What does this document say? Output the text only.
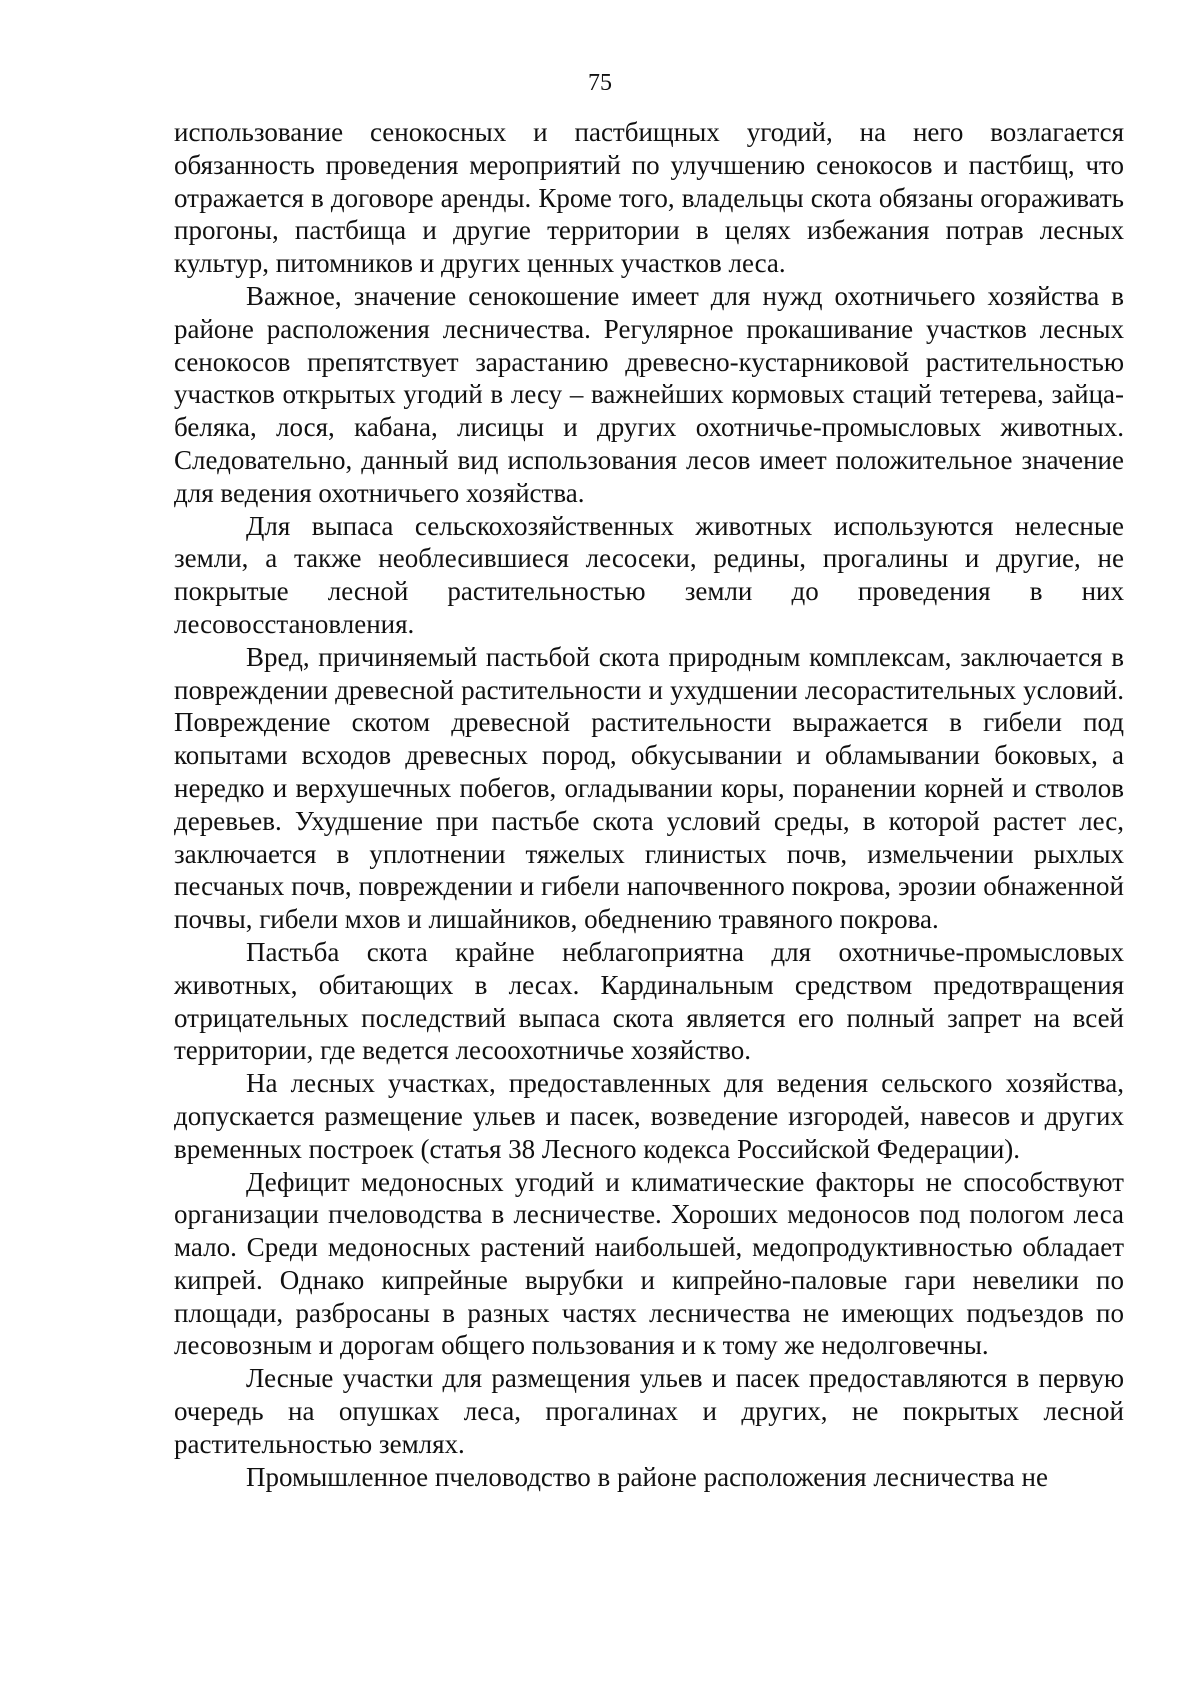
75

использование сенокосных и пастбищных угодий, на него возлагается обязанность проведения мероприятий по улучшению сенокосов и пастбищ, что отражается в договоре аренды. Кроме того, владельцы скота обязаны огораживать прогоны, пастбища и другие территории в целях избежания потрав лесных культур, питомников и других ценных участков леса.

Важное, значение сенокошение имеет для нужд охотничьего хозяйства в районе расположения лесничества. Регулярное прокашивание участков лесных сенокосов препятствует зарастанию древесно-кустарниковой растительностью участков открытых угодий в лесу – важнейших кормовых стаций тетерева, зайца-беляка, лося, кабана, лисицы и других охотничье-промысловых животных. Следовательно, данный вид использования лесов имеет положительное значение для ведения охотничьего хозяйства.

Для выпаса сельскохозяйственных животных используются нелесные земли, а также необлесившиеся лесосеки, редины, прогалины и другие, не покрытые лесной растительностью земли до проведения в них лесовосстановления.

Вред, причиняемый пастьбой скота природным комплексам, заключается в повреждении древесной растительности и ухудшении лесорастительных условий. Повреждение скотом древесной растительности выражается в гибели под копытами всходов древесных пород, обкусывании и обламывании боковых, а нередко и верхушечных побегов, огладывании коры, поранении корней и стволов деревьев. Ухудшение при пастьбе скота условий среды, в которой растет лес, заключается в уплотнении тяжелых глинистых почв, измельчении рыхлых песчаных почв, повреждении и гибели напочвенного покрова, эрозии обнаженной почвы, гибели мхов и лишайников, обеднению травяного покрова.

Пастьба скота крайне неблагоприятна для охотничье-промысловых животных, обитающих в лесах. Кардинальным средством предотвращения отрицательных последствий выпаса скота является его полный запрет на всей территории, где ведется лесоохотничье хозяйство.

На лесных участках, предоставленных для ведения сельского хозяйства, допускается размещение ульев и пасек, возведение изгородей, навесов и других временных построек (статья 38 Лесного кодекса Российской Федерации).

Дефицит медоносных угодий и климатические факторы не способствуют организации пчеловодства в лесничестве. Хороших медоносов под пологом леса мало. Среди медоносных растений наибольшей, медопродуктивностью обладает кипрей. Однако кипрейные вырубки и кипрейно-паловые гари невелики по площади, разбросаны в разных частях лесничества не имеющих подъездов по лесовозным и дорогам общего пользования и к тому же недолговечны.

Лесные участки для размещения ульев и пасек предоставляются в первую очередь на опушках леса, прогалинах и других, не покрытых лесной растительностью землях.

Промышленное пчеловодство в районе расположения лесничества не
